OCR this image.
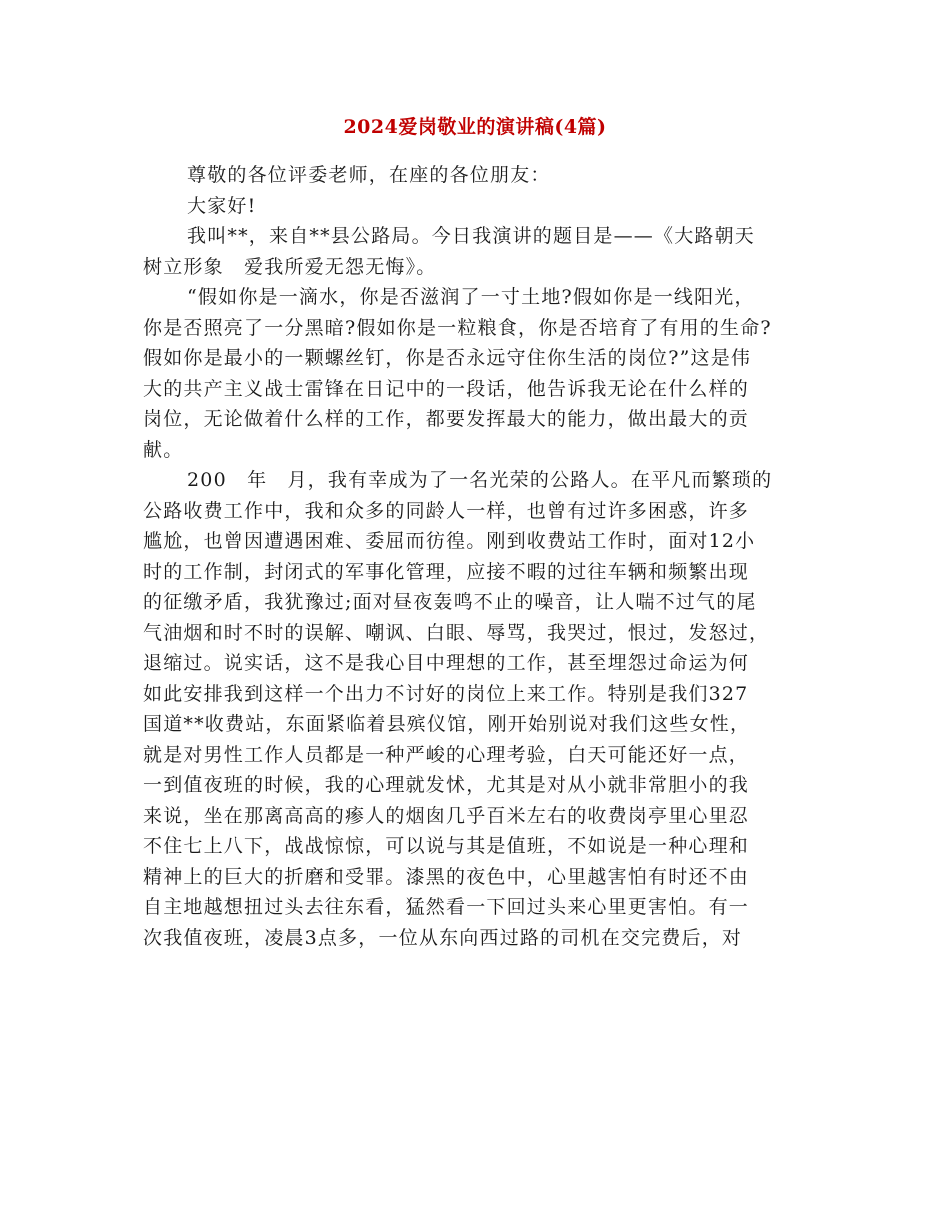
2024爱岗敬业的演讲稿(4篇)
尊敬的各位评委老师，在座的各位朋友：
大家好!
我叫**，来自**县公路局。今日我演讲的题目是——《大路朝天
树立形象　爱我所爱无怨无悔》。
“假如你是一滴水，你是否滋润了一寸土地?假如你是一线阳光，
你是否照亮了一分黑暗?假如你是一粒粮食，你是否培育了有用的生命?
假如你是最小的一颗螺丝钉，你是否永远守住你生活的岗位?”这是伟
大的共产主义战士雷锋在日记中的一段话，他告诉我无论在什么样的
岗位，无论做着什么样的工作，都要发挥最大的能力，做出最大的贡
献。
200　年　月，我有幸成为了一名光荣的公路人。在平凡而繁琐的
公路收费工作中，我和众多的同龄人一样，也曾有过许多困惑，许多
尴尬，也曾因遭遇困难、委屈而彷徨。刚到收费站工作时，面对12小
时的工作制，封闭式的军事化管理，应接不暇的过往车辆和频繁出现
的征缴矛盾，我犹豫过;面对昼夜轰鸣不止的噪音，让人喘不过气的尾
气油烟和时不时的误解、嘲讽、白眼、辱骂，我哭过，恨过，发怒过，
退缩过。说实话，这不是我心目中理想的工作，甚至埋怨过命运为何
如此安排我到这样一个出力不讨好的岗位上来工作。特别是我们327
国道**收费站，东面紧临着县殡仪馆，刚开始别说对我们这些女性，
就是对男性工作人员都是一种严峻的心理考验，白天可能还好一点，
一到值夜班的时候，我的心理就发怵，尤其是对从小就非常胆小的我
来说，坐在那离高高的瘆人的烟囱几乎百米左右的收费岗亭里心里忍
不住七上八下，战战惊惊，可以说与其是值班，不如说是一种心理和
精神上的巨大的折磨和受罪。漆黑的夜色中，心里越害怕有时还不由
自主地越想扭过头去往东看，猛然看一下回过头来心里更害怕。有一
次我值夜班，凌晨3点多，一位从东向西过路的司机在交完费后，对
